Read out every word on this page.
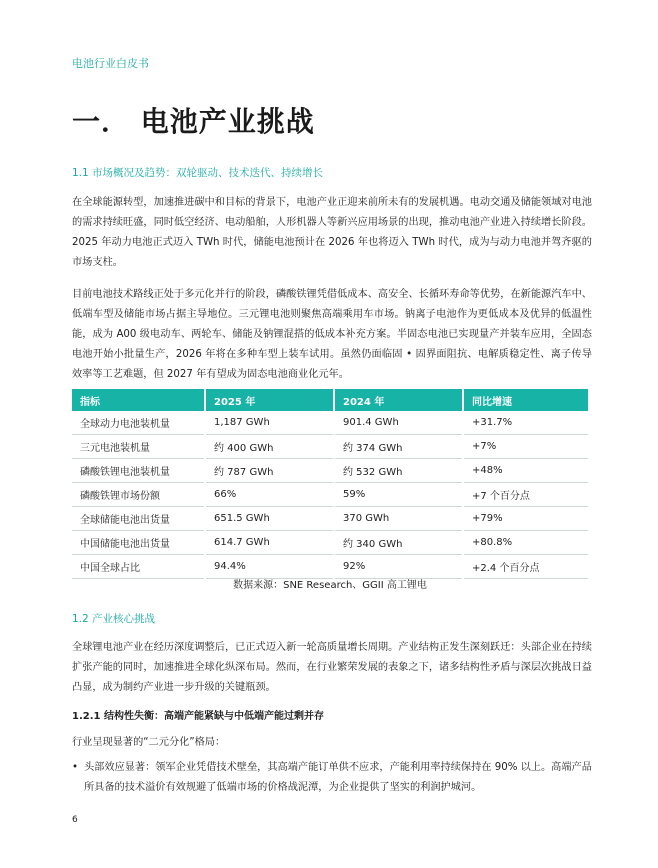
电池行业白皮书
一． 电池产业挑战
1.1 市场概况及趋势：双轮驱动、技术迭代、持续增长
在全球能源转型，加速推进碳中和目标的背景下，电池产业正迎来前所未有的发展机遇。电动交通及储能领域对电池的需求持续旺盛，同时低空经济、电动船舶，人形机器人等新兴应用场景的出现，推动电池产业进入持续增长阶段。2025 年动力电池正式迈入 TWh 时代，储能电池预计在 2026 年也将迈入 TWh 时代，成为与动力电池并驾齐驱的市场支柱。
目前电池技术路线正处于多元化并行的阶段，磷酸铁锂凭借低成本、高安全、长循环寿命等优势，在新能源汽车中、低端车型及储能市场占据主导地位。三元锂电池则聚焦高端乘用车市场。钠离子电池作为更低成本及优异的低温性能，成为 A00 级电动车、两轮车、储能及钠锂混搭的低成本补充方案。半固态电池已实现量产并装车应用，全固态电池开始小批量生产，2026 年将在多种车型上装车试用。虽然仍面临固 • 固界面阻抗、电解质稳定性、离子传导效率等工艺难题，但 2027 年有望成为固态电池商业化元年。
指标	2025 年	2024 年	同比增速
全球动力电池装机量	1,187 GWh	901.4 GWh	+31.7%
三元电池装机量	约 400 GWh	约 374 GWh	+7%
磷酸铁锂电池装机量	约 787 GWh	约 532 GWh	+48%
磷酸铁锂市场份额	66%	59%	+7 个百分点
全球储能电池出货量	651.5 GWh	370 GWh	+79%
中国储能电池出货量	614.7 GWh	约 340 GWh	+80.8%
中国全球占比	94.4%	92%	+2.4 个百分点
数据来源：SNE Research、GGII 高工锂电
1.2 产业核心挑战
全球锂电池产业在经历深度调整后，已正式迈入新一轮高质量增长周期。产业结构正发生深刻跃迁：头部企业在持续扩张产能的同时，加速推进全球化纵深布局。然而，在行业繁荣发展的表象之下，诸多结构性矛盾与深层次挑战日益凸显，成为制约产业进一步升级的关键瓶颈。
1.2.1 结构性失衡：高端产能紧缺与中低端产能过剩并存
行业呈现显著的“二元分化”格局：
• 头部效应显著：领军企业凭借技术壁垒，其高端产能订单供不应求，产能利用率持续保持在 90% 以上。高端产品所具备的技术溢价有效规避了低端市场的价格战泥潭，为企业提供了坚实的利润护城河。
6
